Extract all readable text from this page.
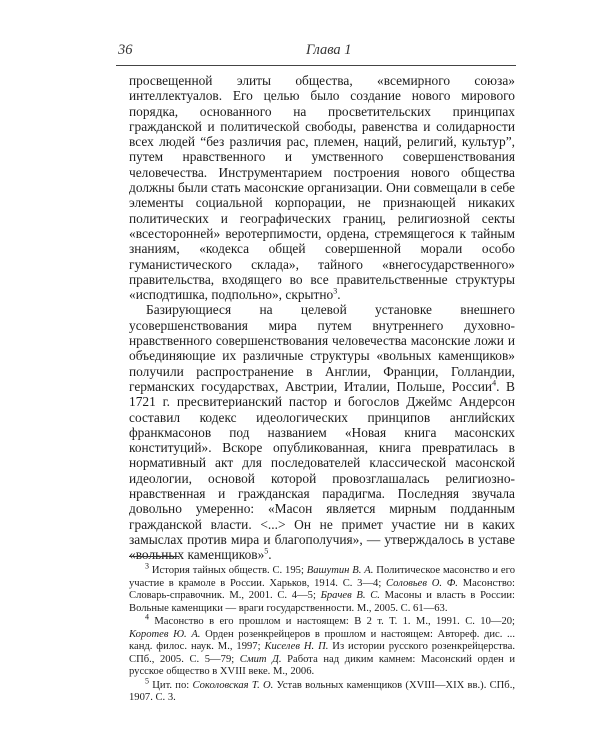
36	Глава 1

просвещенной элиты общества, «всемирного союза» интеллектуалов. Его целью было создание нового мирового порядка, основанного на просветительских принципах гражданской и политической свободы, равенства и солидарности всех людей “без различия рас, племен, наций, религий, культур”, путем нравственного и умственного совершенствования человечества. Инструментарием построения нового общества должны были стать масонские организации. Они совмещали в себе элементы социальной корпорации, не признающей никаких политических и географических границ, религиозной секты «всесторонней» веротерпимости, ордена, стремящегося к тайным знаниям, «кодекса общей совершенной морали особо гуманистического склада», тайного «внегосударственного» правительства, входящего во все правительственные структуры «исподтишка, подпольно», скрытно$^3$.

Базирующиеся на целевой установке внешнего усовершенствования мира путем внутреннего духовно-нравственного совершенствования человечества масонские ложи и объединяющие их различные структуры «вольных каменщиков» получили распространение в Англии, Франции, Голландии, германских государствах, Австрии, Италии, Польше, России$^4$. В 1721 г. пресвитерианский пастор и богослов Джеймс Андерсон составил кодекс идеологических принципов английских франкмасонов под названием «Новая книга масонских конституций». Вскоре опубликованная, книга превратилась в нормативный акт для последователей классической масонской идеологии, основой которой провозглашалась религиозно-нравственная и гражданская парадигма. Последняя звучала довольно умеренно: «Масон является мирным подданным гражданской власти. <...> Он не примет участие ни в каких замыслах против мира и благополучия», — утверждалось в уставе «вольных каменщиков»$^5$.

$^3$ История тайных обществ. С. 195; Вашутин В. А. Политическое масонство и его участие в крамоле в России. Харьков, 1914. С. 3—4; Соловьев О. Ф. Масонство: Словарь-справочник. М., 2001. С. 4—5; Брачев В. С. Масоны и власть в России: Вольные каменщики — враги государственности. М., 2005. С. 61—63.

$^4$ Масонство в его прошлом и настоящем: В 2 т. Т. 1. М., 1991. С. 10—20; Коротев Ю. А. Орден розенкрейцеров в прошлом и настоящем: Автореф. дис. ... канд. филос. наук. М., 1997; Киселев Н. П. Из истории русского розенкрейцерства. СПб., 2005. С. 5—79; Смит Д. Работа над диким камнем: Масонский орден и русское общество в XVIII веке. М., 2006.

$^5$ Цит. по: Соколовская Т. О. Устав вольных каменщиков (XVIII—XIX вв.). СПб., 1907. С. 3.
